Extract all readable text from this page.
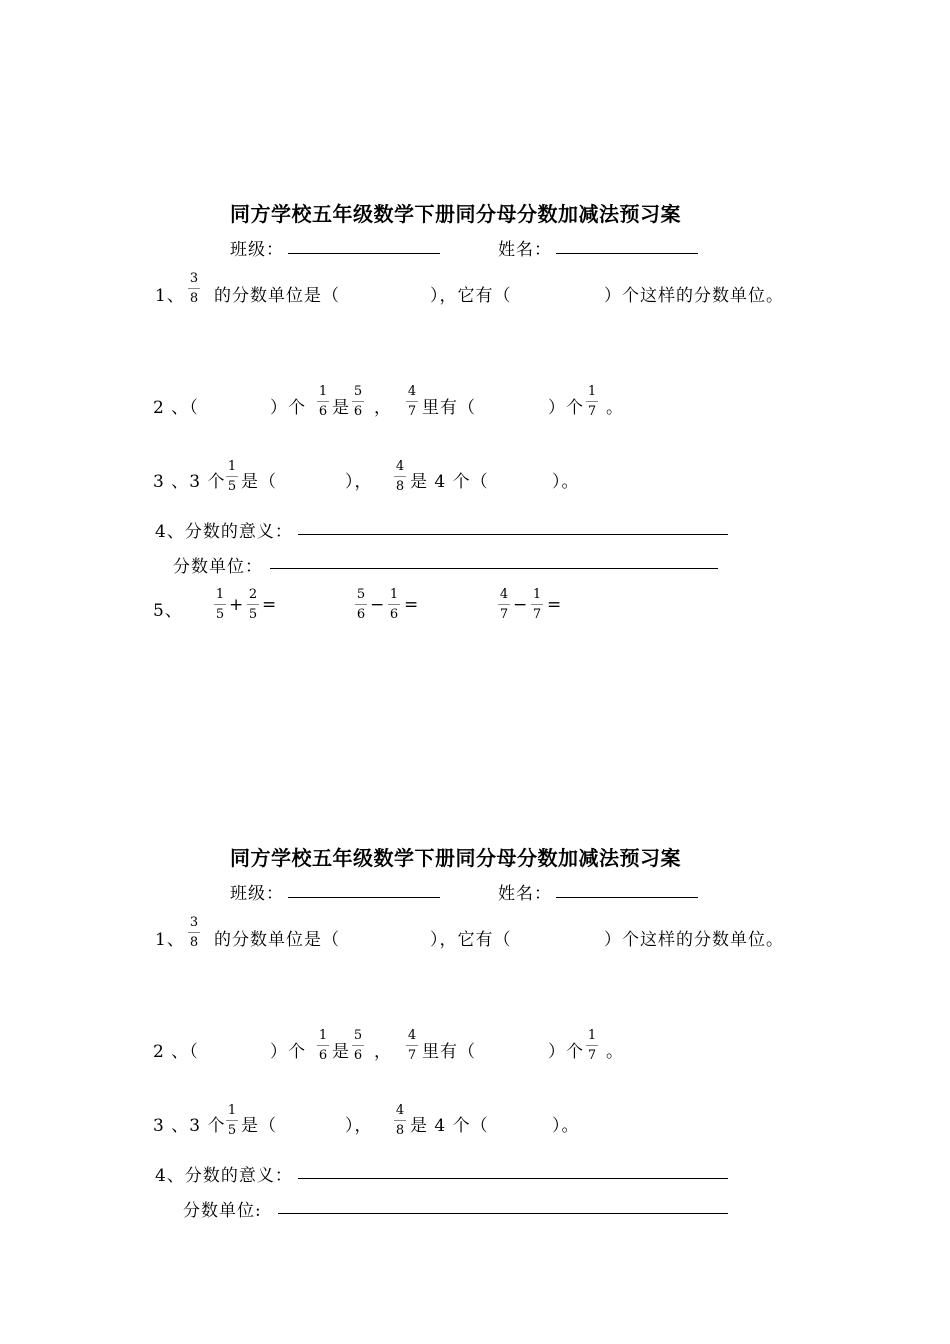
同方学校五年级数学下册同分母分数加减法预习案
班级：	姓名：
1、
3
8 的分数单位是（	），它有（	）个这样的分数单位。
2 、（	）个
1
6 是
5
6 ，
4
7 里有（	）个
1
7 。
3 、3 个
1
5 是（	），
4
8 是 4 个（	）。
4、分数的意义：
分数单位：
5、
1
5 +
2
5 =
5
6 −
1
6 =
4
7 −
1
7 =
同方学校五年级数学下册同分母分数加减法预习案
班级：	姓名：
1、
3
8 的分数单位是（	），它有（	）个这样的分数单位。
2 、（	）个
1
6 是
5
6 ，
4
7 里有（	）个
1
7 。
3 、3 个
1
5 是（	），
4
8 是 4 个（	）。
4、分数的意义：
分数单位:
